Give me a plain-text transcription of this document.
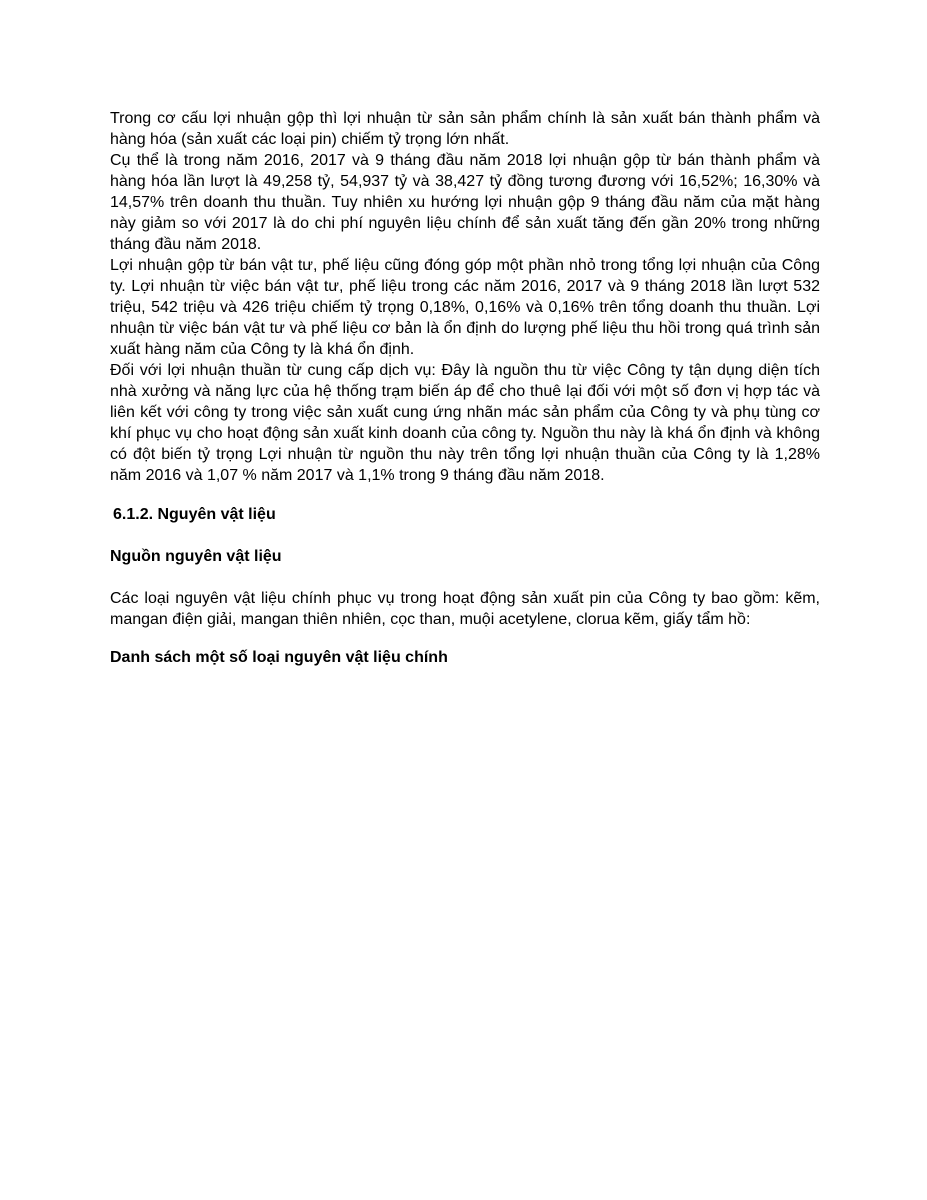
Trong cơ cấu lợi nhuận gộp thì lợi nhuận từ sản sản phẩm chính là sản xuất bán thành phẩm và hàng hóa (sản xuất các loại pin) chiếm tỷ trọng lớn nhất.

Cụ thể là trong năm 2016, 2017 và 9 tháng đầu năm 2018 lợi nhuận gộp từ bán thành phẩm và hàng hóa lần lượt là 49,258 tỷ, 54,937 tỷ và 38,427 tỷ đồng tương đương với 16,52%; 16,30% và 14,57% trên doanh thu thuần. Tuy nhiên xu hướng lợi nhuận gộp 9 tháng đầu năm của mặt hàng này giảm so với 2017 là do chi phí nguyên liệu chính để sản xuất tăng đến gần 20% trong những tháng đầu năm 2018.

Lợi nhuận gộp từ bán vật tư, phế liệu cũng đóng góp một phần nhỏ trong tổng lợi nhuận của Công ty. Lợi nhuận từ việc bán vật tư, phế liệu trong các năm 2016, 2017 và 9 tháng 2018 lần lượt 532 triệu, 542 triệu và 426 triệu chiếm tỷ trọng 0,18%, 0,16% và 0,16% trên tổng doanh thu thuần. Lợi nhuận từ việc bán vật tư và phế liệu cơ bản là ổn định do lượng phế liệu thu hồi trong quá trình sản xuất hàng năm của Công ty là khá ổn định.

Đối với lợi nhuận thuần từ cung cấp dịch vụ: Đây là nguồn thu từ việc Công ty tận dụng diện tích nhà xưởng và năng lực của hệ thống trạm biến áp để cho thuê lại đối với một số đơn vị hợp tác và liên kết với công ty trong việc sản xuất cung ứng nhãn mác sản phẩm của Công ty và phụ tùng cơ khí phục vụ cho hoạt động sản xuất kinh doanh của công ty. Nguồn thu này là khá ổn định và không có đột biến tỷ trọng Lợi nhuận từ nguồn thu này trên tổng lợi nhuận thuần của Công ty là 1,28% năm 2016 và 1,07 % năm 2017 và 1,1% trong 9 tháng đầu năm 2018.

6.1.2. Nguyên vật liệu

Nguồn nguyên vật liệu

Các loại nguyên vật liệu chính phục vụ trong hoạt động sản xuất pin của Công ty bao gồm: kẽm, mangan điện giải, mangan thiên nhiên, cọc than, muội acetylene, clorua kẽm, giấy tẩm hồ:

Danh sách một số loại nguyên vật liệu chính
